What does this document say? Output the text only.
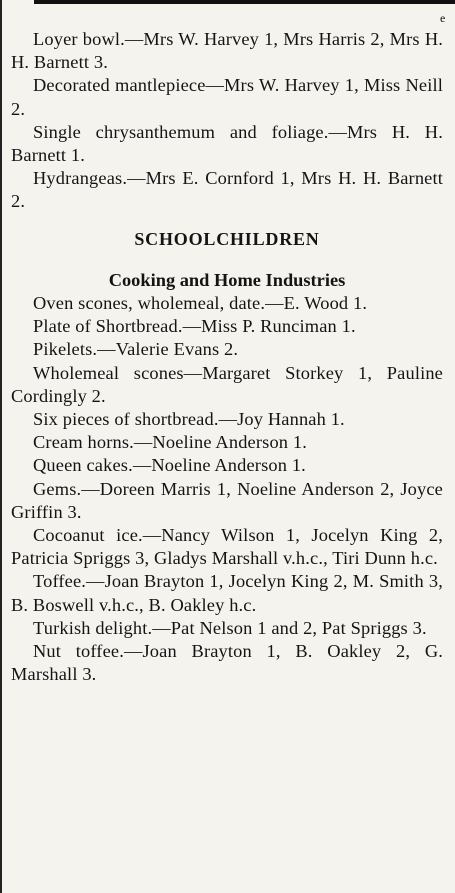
e

Loyer bowl.—Mrs W. Harvey 1, Mrs Harris 2, Mrs H. H. Barnett 3.

Decorated mantlepiece—Mrs W. Harvey 1, Miss Neill 2.

Single chrysanthemum and foliage.—Mrs H. H. Barnett 1.

Hydrangeas.—Mrs E. Cornford 1, Mrs H. H. Barnett 2.

SCHOOLCHILDREN
Cooking and Home Industries

Oven scones, wholemeal, date.—E. Wood 1.

Plate of Shortbread.—Miss P. Runciman 1.

Pikelets.—Valerie Evans 2.

Wholemeal scones—Margaret Storkey 1, Pauline Cordingly 2.

Six pieces of shortbread.—Joy Hannah 1.

Cream horns.—Noeline Anderson 1.

Queen cakes.—Noeline Anderson 1.

Gems.—Doreen Marris 1, Noeline Anderson 2, Joyce Griffin 3.

Cocoanut ice.—Nancy Wilson 1, Jocelyn King 2, Patricia Spriggs 3, Gladys Marshall v.h.c., Tiri Dunn h.c.

Toffee.—Joan Brayton 1, Jocelyn King 2, M. Smith 3, B. Boswell v.h.c., B. Oakley h.c.

Turkish delight.—Pat Nelson 1 and 2, Pat Spriggs 3.

Nut toffee.—Joan Brayton 1, B. Oakley 2, G. Marshall 3.
